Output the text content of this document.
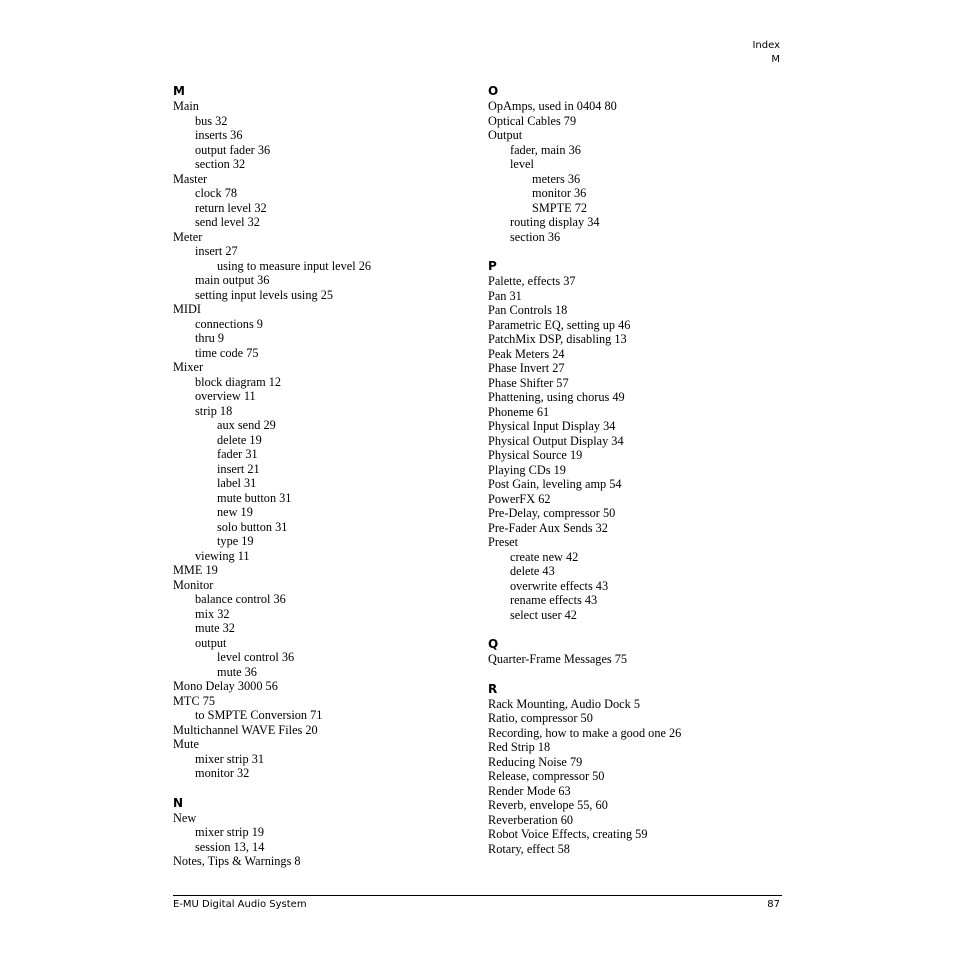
Index
M
M
Main
bus 32
inserts 36
output fader 36
section 32
Master
clock 78
return level 32
send level 32
Meter
insert 27
using to measure input level 26
main output 36
setting input levels using 25
MIDI
connections 9
thru 9
time code 75
Mixer
block diagram 12
overview 11
strip 18
aux send 29
delete 19
fader 31
insert 21
label 31
mute button 31
new 19
solo button 31
type 19
viewing 11
MME 19
Monitor
balance control 36
mix 32
mute 32
output
level control 36
mute 36
Mono Delay 3000 56
MTC 75
to SMPTE Conversion 71
Multichannel WAVE Files 20
Mute
mixer strip 31
monitor 32
N
New
mixer strip 19
session 13, 14
Notes, Tips & Warnings 8
O
OpAmps, used in 0404 80
Optical Cables 79
Output
fader, main 36
level
meters 36
monitor 36
SMPTE 72
routing display 34
section 36
P
Palette, effects 37
Pan 31
Pan Controls 18
Parametric EQ, setting up 46
PatchMix DSP, disabling 13
Peak Meters 24
Phase Invert 27
Phase Shifter 57
Phattening, using chorus 49
Phoneme 61
Physical Input Display 34
Physical Output Display 34
Physical Source 19
Playing CDs 19
Post Gain, leveling amp 54
PowerFX 62
Pre-Delay, compressor 50
Pre-Fader Aux Sends 32
Preset
create new 42
delete 43
overwrite effects 43
rename effects 43
select user 42
Q
Quarter-Frame Messages 75
R
Rack Mounting, Audio Dock 5
Ratio, compressor 50
Recording, how to make a good one 26
Red Strip 18
Reducing Noise 79
Release, compressor 50
Render Mode 63
Reverb, envelope 55, 60
Reverberation 60
Robot Voice Effects, creating 59
Rotary, effect 58
E-MU Digital Audio System	87
